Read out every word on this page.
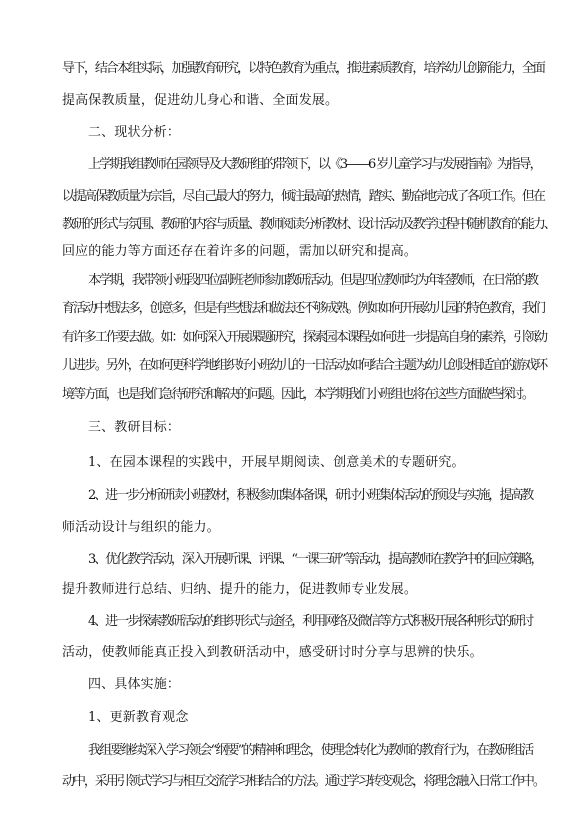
导下，结合本组实际，加强教育研究，以特色教育为重点，推进素质教育，培养幼儿创新能力，全面
提高保教质量，促进幼儿身心和谐、全面发展。
二、现状分析：
上学期我组教师在园领导及大教研组的带领下，以《3——6 岁儿童学习与发展指南》为指导，
以提高保教质量为宗旨，尽自己最大的努力，倾注最高的热情，踏实、勤奋地完成了各项工作。但在
教研的形式与氛围、教研的内容与质量、教师阅读分析教材、设计活动及教学过程中随机教育的能力、
回应的能力等方面还存在着许多的问题，需加以研究和提高。
本学期，我带领小班段四位副班老师参加教研活动。但是四位教师均为年轻教师，在日常的教
育活动中想法多，创意多，但是有些想法和做法还不够成熟。例如如何开展幼儿园的特色教育，我们
有许多工作要去做。如：如何深入开展课题研究，探索园本课程;如何进一步提高自身的素养，引领幼
儿进步。另外，在如何更科学地组织好小班幼儿的一日活动;如何结合主题为幼儿创设相适宜的游戏环
境等方面，也是我们急待研究和解决的问题。因此，本学期我们小班组也将在这些方面做些探讨。
三、教研目标：
1、在园本课程的实践中，开展早期阅读、创意美术的专题研究。
2、进一步分析研读小班教材，积极参加集体备课，研讨小班集体活动的预设与实施，提高教
师活动设计与组织的能力。
3、优化教学活动，深入开展听课、评课、“一课三研”等活动，提高教师在教学中的回应策略，
提升教师进行总结、归纳、提升的能力，促进教师专业发展。
4、进一步探索教研活动的组织形式与途径，利用网络及微信等方式积极开展各种形式的研讨
活动，使教师能真正投入到教研活动中，感受研讨时分享与思辨的快乐。
四、具体实施：
1、更新教育观念
我组要继续深入学习领会“纲要”的精神和理念，使理念转化为教师的教育行为，在教研组活
动中，采用引领式学习与相互交流学习相结合的方法。通过学习转变观念，将理念融入日常工作中。
